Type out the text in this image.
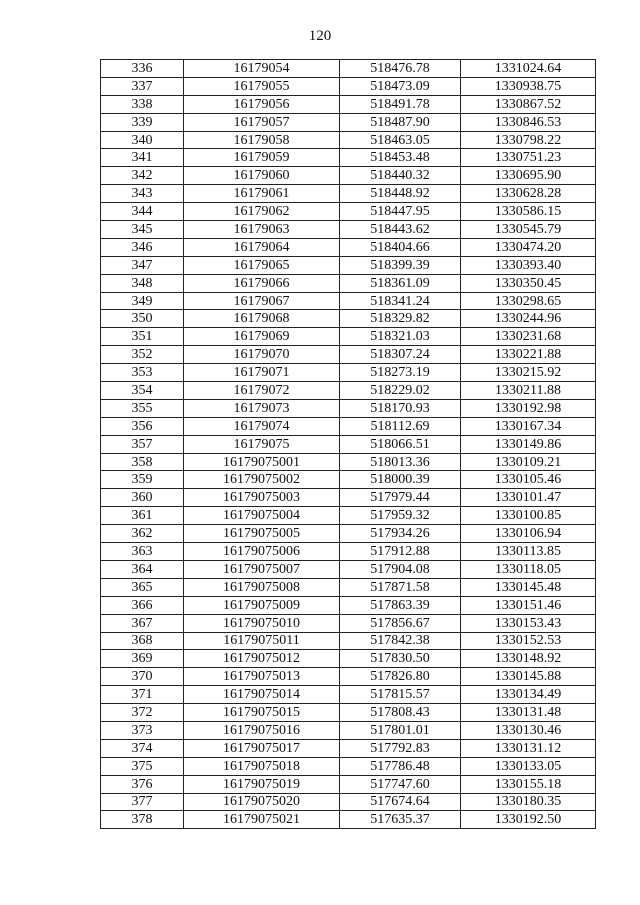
120
336	16179054	518476.78	1331024.64
337	16179055	518473.09	1330938.75
338	16179056	518491.78	1330867.52
339	16179057	518487.90	1330846.53
340	16179058	518463.05	1330798.22
341	16179059	518453.48	1330751.23
342	16179060	518440.32	1330695.90
343	16179061	518448.92	1330628.28
344	16179062	518447.95	1330586.15
345	16179063	518443.62	1330545.79
346	16179064	518404.66	1330474.20
347	16179065	518399.39	1330393.40
348	16179066	518361.09	1330350.45
349	16179067	518341.24	1330298.65
350	16179068	518329.82	1330244.96
351	16179069	518321.03	1330231.68
352	16179070	518307.24	1330221.88
353	16179071	518273.19	1330215.92
354	16179072	518229.02	1330211.88
355	16179073	518170.93	1330192.98
356	16179074	518112.69	1330167.34
357	16179075	518066.51	1330149.86
358	16179075001	518013.36	1330109.21
359	16179075002	518000.39	1330105.46
360	16179075003	517979.44	1330101.47
361	16179075004	517959.32	1330100.85
362	16179075005	517934.26	1330106.94
363	16179075006	517912.88	1330113.85
364	16179075007	517904.08	1330118.05
365	16179075008	517871.58	1330145.48
366	16179075009	517863.39	1330151.46
367	16179075010	517856.67	1330153.43
368	16179075011	517842.38	1330152.53
369	16179075012	517830.50	1330148.92
370	16179075013	517826.80	1330145.88
371	16179075014	517815.57	1330134.49
372	16179075015	517808.43	1330131.48
373	16179075016	517801.01	1330130.46
374	16179075017	517792.83	1330131.12
375	16179075018	517786.48	1330133.05
376	16179075019	517747.60	1330155.18
377	16179075020	517674.64	1330180.35
378	16179075021	517635.37	1330192.50
